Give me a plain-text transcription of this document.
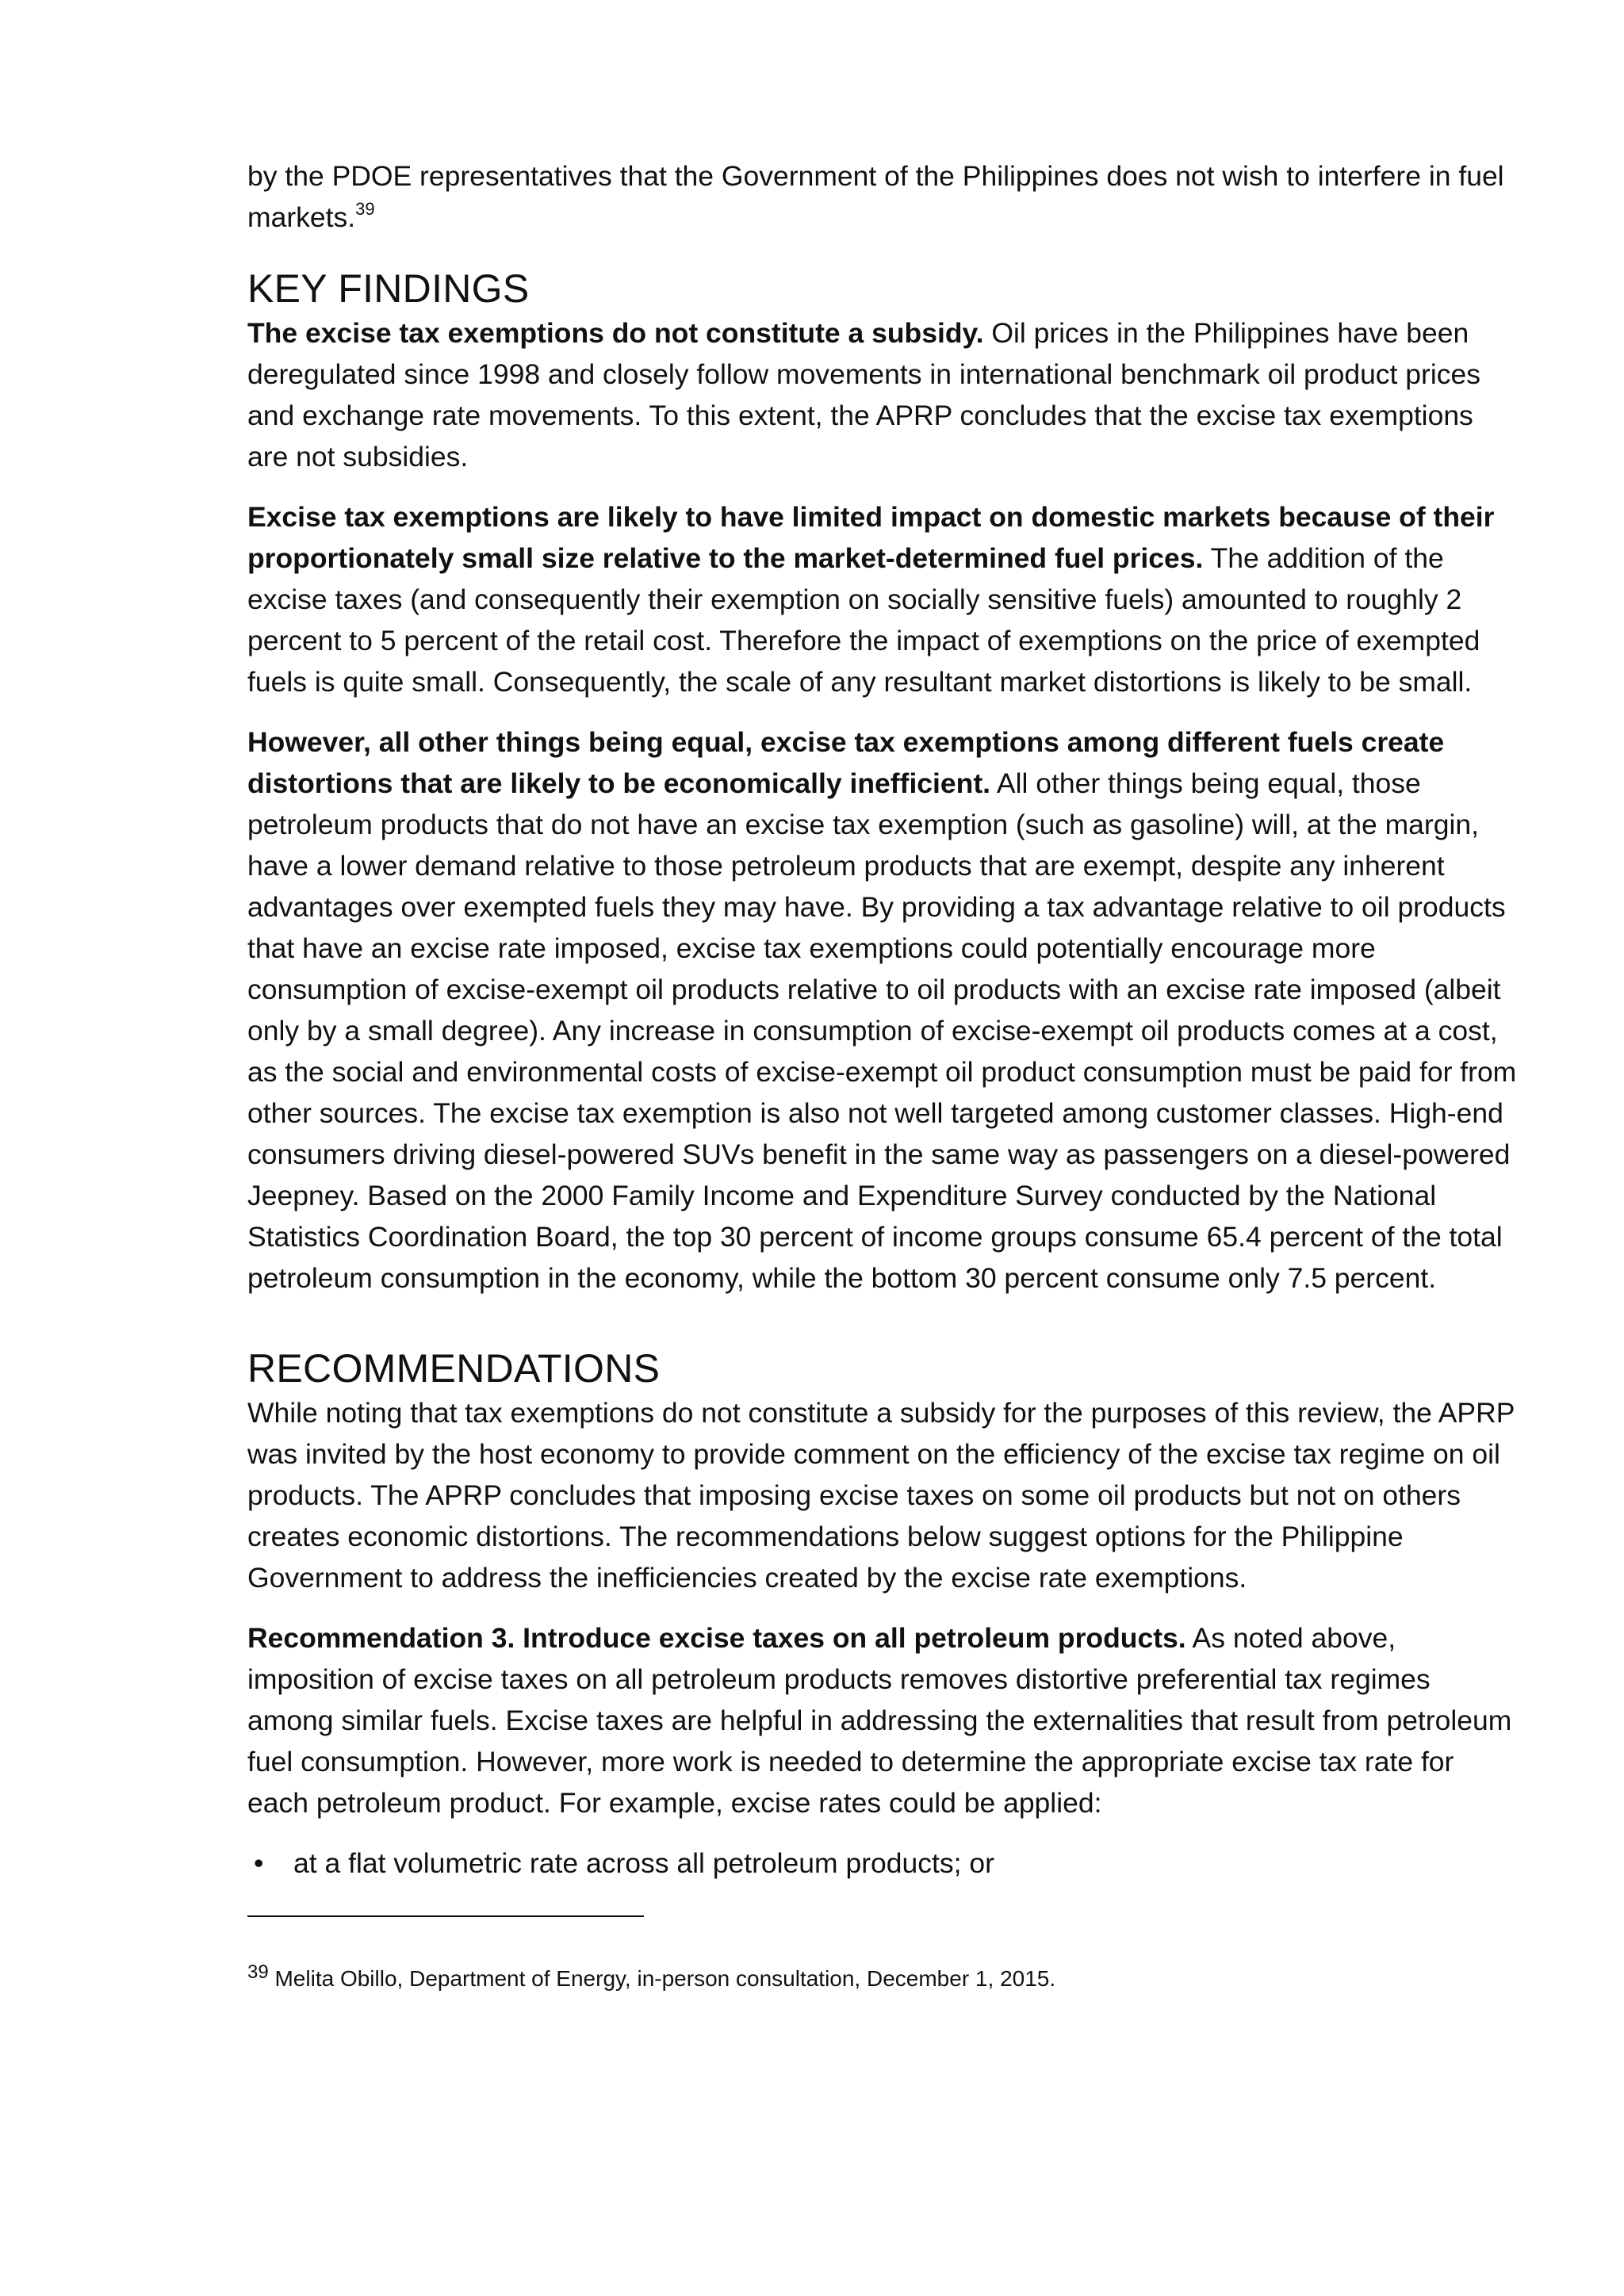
by the PDOE representatives that the Government of the Philippines does not wish to interfere in fuel markets.$^{39}$

KEY FINDINGS

The excise tax exemptions do not constitute a subsidy. Oil prices in the Philippines have been deregulated since 1998 and closely follow movements in international benchmark oil product prices and exchange rate movements. To this extent, the APRP concludes that the excise tax exemptions are not subsidies.

Excise tax exemptions are likely to have limited impact on domestic markets because of their proportionately small size relative to the market-determined fuel prices. The addition of the excise taxes (and consequently their exemption on socially sensitive fuels) amounted to roughly 2 percent to 5 percent of the retail cost. Therefore the impact of exemptions on the price of exempted fuels is quite small. Consequently, the scale of any resultant market distortions is likely to be small.

However, all other things being equal, excise tax exemptions among different fuels create distortions that are likely to be economically inefficient. All other things being equal, those petroleum products that do not have an excise tax exemption (such as gasoline) will, at the margin, have a lower demand relative to those petroleum products that are exempt, despite any inherent advantages over exempted fuels they may have. By providing a tax advantage relative to oil products that have an excise rate imposed, excise tax exemptions could potentially encourage more consumption of excise-exempt oil products relative to oil products with an excise rate imposed (albeit only by a small degree). Any increase in consumption of excise-exempt oil products comes at a cost, as the social and environmental costs of excise-exempt oil product consumption must be paid for from other sources. The excise tax exemption is also not well targeted among customer classes. High-end consumers driving diesel-powered SUVs benefit in the same way as passengers on a diesel-powered Jeepney. Based on the 2000 Family Income and Expenditure Survey conducted by the National Statistics Coordination Board, the top 30 percent of income groups consume 65.4 percent of the total petroleum consumption in the economy, while the bottom 30 percent consume only 7.5 percent.

RECOMMENDATIONS

While noting that tax exemptions do not constitute a subsidy for the purposes of this review, the APRP was invited by the host economy to provide comment on the efficiency of the excise tax regime on oil products. The APRP concludes that imposing excise taxes on some oil products but not on others creates economic distortions. The recommendations below suggest options for the Philippine Government to address the inefficiencies created by the excise rate exemptions.

Recommendation 3. Introduce excise taxes on all petroleum products. As noted above, imposition of excise taxes on all petroleum products removes distortive preferential tax regimes among similar fuels. Excise taxes are helpful in addressing the externalities that result from petroleum fuel consumption. However, more work is needed to determine the appropriate excise tax rate for each petroleum product. For example, excise rates could be applied:

•	at a flat volumetric rate across all petroleum products; or

$^{39}$ Melita Obillo, Department of Energy, in-person consultation, December 1, 2015.
